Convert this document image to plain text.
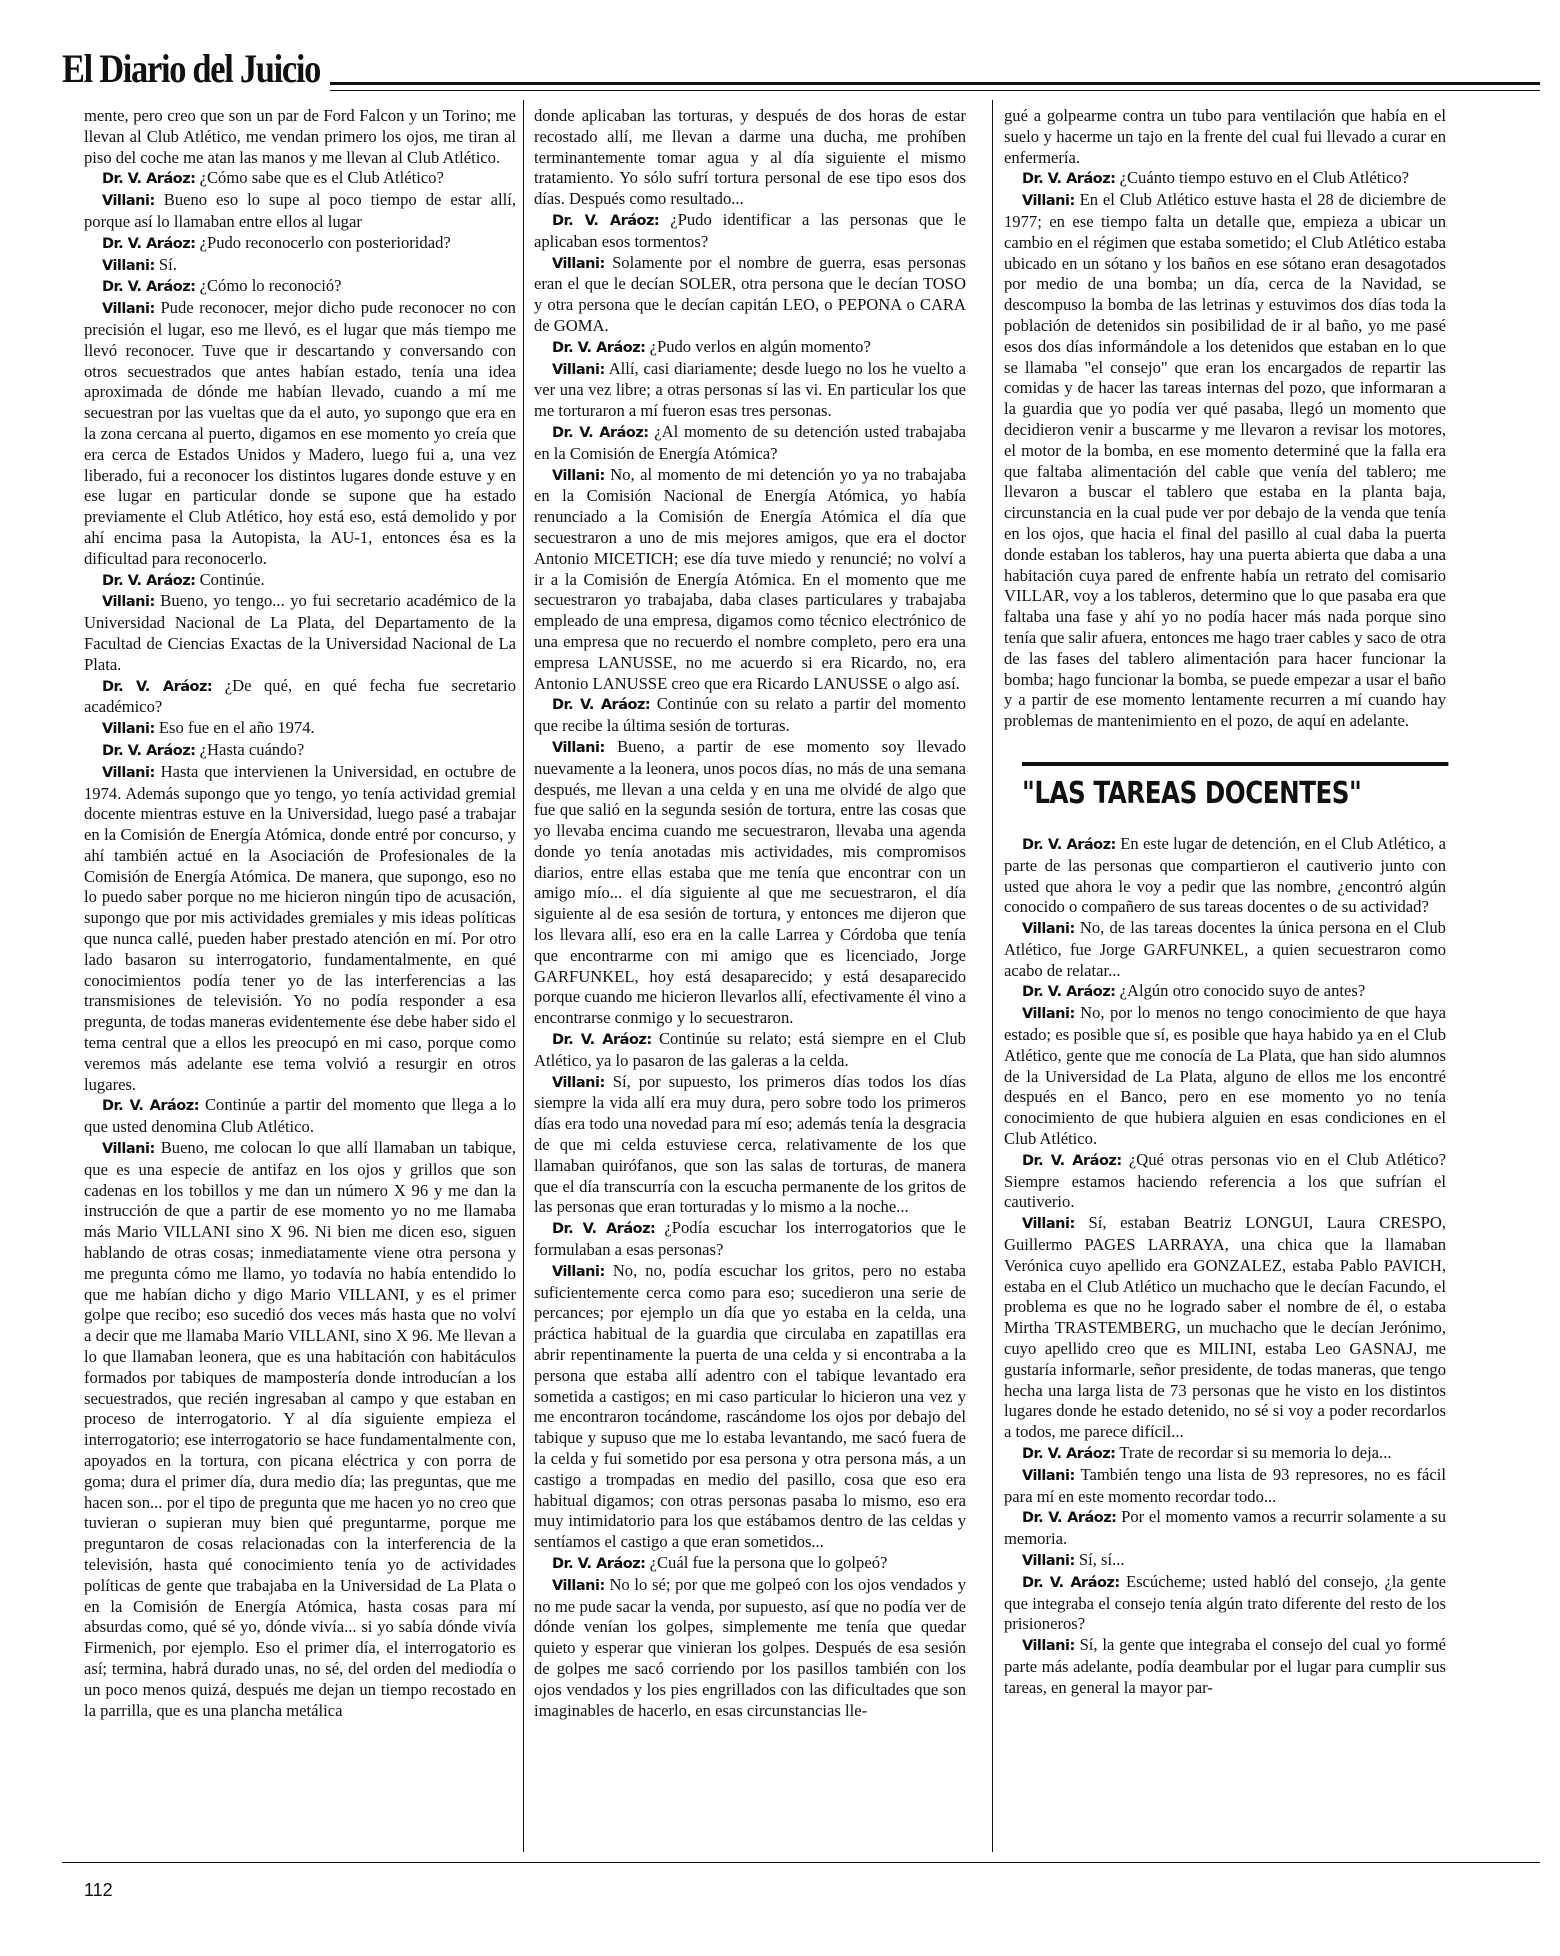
El Diario del Juicio

mente, pero creo que son un par de Ford Falcon y un Torino; me llevan al Club Atlético, me vendan primero los ojos, me tiran al piso del coche me atan las manos y me llevan al Club Atlético.

Dr. V. Aráoz: ¿Cómo sabe que es el Club Atlético?

Villani: Bueno eso lo supe al poco tiempo de estar allí, porque así lo llamaban entre ellos al lugar

Dr. V. Aráoz: ¿Pudo reconocerlo con posterioridad?

Villani: Sí.

Dr. V. Aráoz: ¿Cómo lo reconoció?

Villani: Pude reconocer, mejor dicho pude reconocer no con precisión el lugar, eso me llevó, es el lugar que más tiempo me llevó reconocer. Tuve que ir descartando y conversando con otros secuestrados que antes habían estado, tenía una idea aproximada de dónde me habían llevado, cuando a mí me secuestran por las vueltas que da el auto, yo supongo que era en la zona cercana al puerto, digamos en ese momento yo creía que era cerca de Estados Unidos y Madero, luego fui a, una vez liberado, fui a reconocer los distintos lugares donde estuve y en ese lugar en particular donde se supone que ha estado previamente el Club Atlético, hoy está eso, está demolido y por ahí encima pasa la Autopista, la AU-1, entonces ésa es la dificultad para reconocerlo.

Dr. V. Aráoz: Continúe.

Villani: Bueno, yo tengo... yo fui secretario académico de la Universidad Nacional de La Plata, del Departamento de la Facultad de Ciencias Exactas de la Universidad Nacional de La Plata.

Dr. V. Aráoz: ¿De qué, en qué fecha fue secretario académico?

Villani: Eso fue en el año 1974.

Dr. V. Aráoz: ¿Hasta cuándo?

Villani: Hasta que intervienen la Universidad, en octubre de 1974. Además supongo que yo tengo, yo tenía actividad gremial docente mientras estuve en la Universidad, luego pasé a trabajar en la Comisión de Energía Atómica, donde entré por concurso, y ahí también actué en la Asociación de Profesionales de la Comisión de Energía Atómica. De manera, que supongo, eso no lo puedo saber porque no me hicieron ningún tipo de acusación, supongo que por mis actividades gremiales y mis ideas políticas que nunca callé, pueden haber prestado atención en mí. Por otro lado basaron su interrogatorio, fundamentalmente, en qué conocimientos podía tener yo de las interferencias a las transmisiones de televisión. Yo no podía responder a esa pregunta, de todas maneras evidentemente ése debe haber sido el tema central que a ellos les preocupó en mi caso, porque como veremos más adelante ese tema volvió a resurgir en otros lugares.

Dr. V. Aráoz: Continúe a partir del momento que llega a lo que usted denomina Club Atlético.

Villani: Bueno, me colocan lo que allí llamaban un tabique, que es una especie de antifaz en los ojos y grillos que son cadenas en los tobillos y me dan un número X 96 y me dan la instrucción de que a partir de ese momento yo no me llamaba más Mario VILLANI sino X 96. Ni bien me dicen eso, siguen hablando de otras cosas; inmediatamente viene otra persona y me pregunta cómo me llamo, yo todavía no había entendido lo que me habían dicho y digo Mario VILLANI, y es el primer golpe que recibo; eso sucedió dos veces más hasta que no volví a decir que me llamaba Mario VILLANI, sino X 96. Me llevan a lo que llamaban leonera, que es una habitación con habitáculos formados por tabiques de mampostería donde introducían a los secuestrados, que recién ingresaban al campo y que estaban en proceso de interrogatorio. Y al día siguiente empieza el interrogatorio; ese interrogatorio se hace fundamentalmente con, apoyados en la tortura, con picana eléctrica y con porra de goma; dura el primer día, dura medio día; las preguntas, que me hacen son... por el tipo de pregunta que me hacen yo no creo que tuvieran o supieran muy bien qué preguntarme, porque me preguntaron de cosas relacionadas con la interferencia de la televisión, hasta qué conocimiento tenía yo de actividades políticas de gente que trabajaba en la Universidad de La Plata o en la Comisión de Energía Atómica, hasta cosas para mí absurdas como, qué sé yo, dónde vivía... si yo sabía dónde vivía Firmenich, por ejemplo. Eso el primer día, el interrogatorio es así; termina, habrá durado unas, no sé, del orden del mediodía o un poco menos quizá, después me dejan un tiempo recostado en la parrilla, que es una plancha metálica

donde aplicaban las torturas, y después de dos horas de estar recostado allí, me llevan a darme una ducha, me prohíben terminantemente tomar agua y al día siguiente el mismo tratamiento. Yo sólo sufrí tortura personal de ese tipo esos dos días. Después como resultado...

Dr. V. Aráoz: ¿Pudo identificar a las personas que le aplicaban esos tormentos?

Villani: Solamente por el nombre de guerra, esas personas eran el que le decían SOLER, otra persona que le decían TOSO y otra persona que le decían capitán LEO, o PEPONA o CARA de GOMA.

Dr. V. Aráoz: ¿Pudo verlos en algún momento?

Villani: Allí, casi diariamente; desde luego no los he vuelto a ver una vez libre; a otras personas sí las vi. En particular los que me torturaron a mí fueron esas tres personas.

Dr. V. Aráoz: ¿Al momento de su detención usted trabajaba en la Comisión de Energía Atómica?

Villani: No, al momento de mi detención yo ya no trabajaba en la Comisión Nacional de Energía Atómica, yo había renunciado a la Comisión de Energía Atómica el día que secuestraron a uno de mis mejores amigos, que era el doctor Antonio MICETICH; ese día tuve miedo y renuncié; no volví a ir a la Comisión de Energía Atómica. En el momento que me secuestraron yo trabajaba, daba clases particulares y trabajaba empleado de una empresa, digamos como técnico electrónico de una empresa que no recuerdo el nombre completo, pero era una empresa LANUSSE, no me acuerdo si era Ricardo, no, era Antonio LANUSSE creo que era Ricardo LANUSSE o algo así.

Dr. V. Aráoz: Continúe con su relato a partir del momento que recibe la última sesión de torturas.

Villani: Bueno, a partir de ese momento soy llevado nuevamente a la leonera, unos pocos días, no más de una semana después, me llevan a una celda y en una me olvidé de algo que fue que salió en la segunda sesión de tortura, entre las cosas que yo llevaba encima cuando me secuestraron, llevaba una agenda donde yo tenía anotadas mis actividades, mis compromisos diarios, entre ellas estaba que me tenía que encontrar con un amigo mío... el día siguiente al que me secuestraron, el día siguiente al de esa sesión de tortura, y entonces me dijeron que los llevara allí, eso era en la calle Larrea y Córdoba que tenía que encontrarme con mi amigo que es licenciado, Jorge GARFUNKEL, hoy está desaparecido; y está desaparecido porque cuando me hicieron llevarlos allí, efectivamente él vino a encontrarse conmigo y lo secuestraron.

Dr. V. Aráoz: Continúe su relato; está siempre en el Club Atlético, ya lo pasaron de las galeras a la celda.

Villani: Sí, por supuesto, los primeros días todos los días siempre la vida allí era muy dura, pero sobre todo los primeros días era todo una novedad para mí eso; además tenía la desgracia de que mi celda estuviese cerca, relativamente de los que llamaban quirófanos, que son las salas de torturas, de manera que el día transcurría con la escucha permanente de los gritos de las personas que eran torturadas y lo mismo a la noche...

Dr. V. Aráoz: ¿Podía escuchar los interrogatorios que le formulaban a esas personas?

Villani: No, no, podía escuchar los gritos, pero no estaba suficientemente cerca como para eso; sucedieron una serie de percances; por ejemplo un día que yo estaba en la celda, una práctica habitual de la guardia que circulaba en zapatillas era abrir repentinamente la puerta de una celda y si encontraba a la persona que estaba allí adentro con el tabique levantado era sometida a castigos; en mi caso particular lo hicieron una vez y me encontraron tocándome, rascándome los ojos por debajo del tabique y supuso que me lo estaba levantando, me sacó fuera de la celda y fui sometido por esa persona y otra persona más, a un castigo a trompadas en medio del pasillo, cosa que eso era habitual digamos; con otras personas pasaba lo mismo, eso era muy intimidatorio para los que estábamos dentro de las celdas y sentíamos el castigo a que eran sometidos...

Dr. V. Aráoz: ¿Cuál fue la persona que lo golpeó?

Villani: No lo sé; por que me golpeó con los ojos vendados y no me pude sacar la venda, por supuesto, así que no podía ver de dónde venían los golpes, simplemente me tenía que quedar quieto y esperar que vinieran los golpes. Después de esa sesión de golpes me sacó corriendo por los pasillos también con los ojos vendados y los pies engrillados con las dificultades que son imaginables de hacerlo, en esas circunstancias lle-

gué a golpearme contra un tubo para ventilación que había en el suelo y hacerme un tajo en la frente del cual fui llevado a curar en enfermería.

Dr. V. Aráoz: ¿Cuánto tiempo estuvo en el Club Atlético?

Villani: En el Club Atlético estuve hasta el 28 de diciembre de 1977; en ese tiempo falta un detalle que, empieza a ubicar un cambio en el régimen que estaba sometido; el Club Atlético estaba ubicado en un sótano y los baños en ese sótano eran desagotados por medio de una bomba; un día, cerca de la Navidad, se descompuso la bomba de las letrinas y estuvimos dos días toda la población de detenidos sin posibilidad de ir al baño, yo me pasé esos dos días informándole a los detenidos que estaban en lo que se llamaba "el consejo" que eran los encargados de repartir las comidas y de hacer las tareas internas del pozo, que informaran a la guardia que yo podía ver qué pasaba, llegó un momento que decidieron venir a buscarme y me llevaron a revisar los motores, el motor de la bomba, en ese momento determiné que la falla era que faltaba alimentación del cable que venía del tablero; me llevaron a buscar el tablero que estaba en la planta baja, circunstancia en la cual pude ver por debajo de la venda que tenía en los ojos, que hacia el final del pasillo al cual daba la puerta donde estaban los tableros, hay una puerta abierta que daba a una habitación cuya pared de enfrente había un retrato del comisario VILLAR, voy a los tableros, determino que lo que pasaba era que faltaba una fase y ahí yo no podía hacer más nada porque sino tenía que salir afuera, entonces me hago traer cables y saco de otra de las fases del tablero alimentación para hacer funcionar la bomba; hago funcionar la bomba, se puede empezar a usar el baño y a partir de ese momento lentamente recurren a mí cuando hay problemas de mantenimiento en el pozo, de aquí en adelante.

"LAS TAREAS DOCENTES"

Dr. V. Aráoz: En este lugar de detención, en el Club Atlético, a parte de las personas que compartieron el cautiverio junto con usted que ahora le voy a pedir que las nombre, ¿encontró algún conocido o compañero de sus tareas docentes o de su actividad?

Villani: No, de las tareas docentes la única persona en el Club Atlético, fue Jorge GARFUNKEL, a quien secuestraron como acabo de relatar...

Dr. V. Aráoz: ¿Algún otro conocido suyo de antes?

Villani: No, por lo menos no tengo conocimiento de que haya estado; es posible que sí, es posible que haya habido ya en el Club Atlético, gente que me conocía de La Plata, que han sido alumnos de la Universidad de La Plata, alguno de ellos me los encontré después en el Banco, pero en ese momento yo no tenía conocimiento de que hubiera alguien en esas condiciones en el Club Atlético.

Dr. V. Aráoz: ¿Qué otras personas vio en el Club Atlético? Siempre estamos haciendo referencia a los que sufrían el cautiverio.

Villani: Sí, estaban Beatriz LONGUI, Laura CRESPO, Guillermo PAGES LARRAYA, una chica que la llamaban Verónica cuyo apellido era GONZALEZ, estaba Pablo PAVICH, estaba en el Club Atlético un muchacho que le decían Facundo, el problema es que no he logrado saber el nombre de él, o estaba Mirtha TRASTEMBERG, un muchacho que le decían Jerónimo, cuyo apellido creo que es MILINI, estaba Leo GASNAJ, me gustaría informarle, señor presidente, de todas maneras, que tengo hecha una larga lista de 73 personas que he visto en los distintos lugares donde he estado detenido, no sé si voy a poder recordarlos a todos, me parece difícil...

Dr. V. Aráoz: Trate de recordar si su memoria lo deja...

Villani: También tengo una lista de 93 represores, no es fácil para mí en este momento recordar todo...

Dr. V. Aráoz: Por el momento vamos a recurrir solamente a su memoria.

Villani: Sí, sí...

Dr. V. Aráoz: Escúcheme; usted habló del consejo, ¿la gente que integraba el consejo tenía algún trato diferente del resto de los prisioneros?

Villani: Sí, la gente que integraba el consejo del cual yo formé parte más adelante, podía deambular por el lugar para cumplir sus tareas, en general la mayor par-

112
